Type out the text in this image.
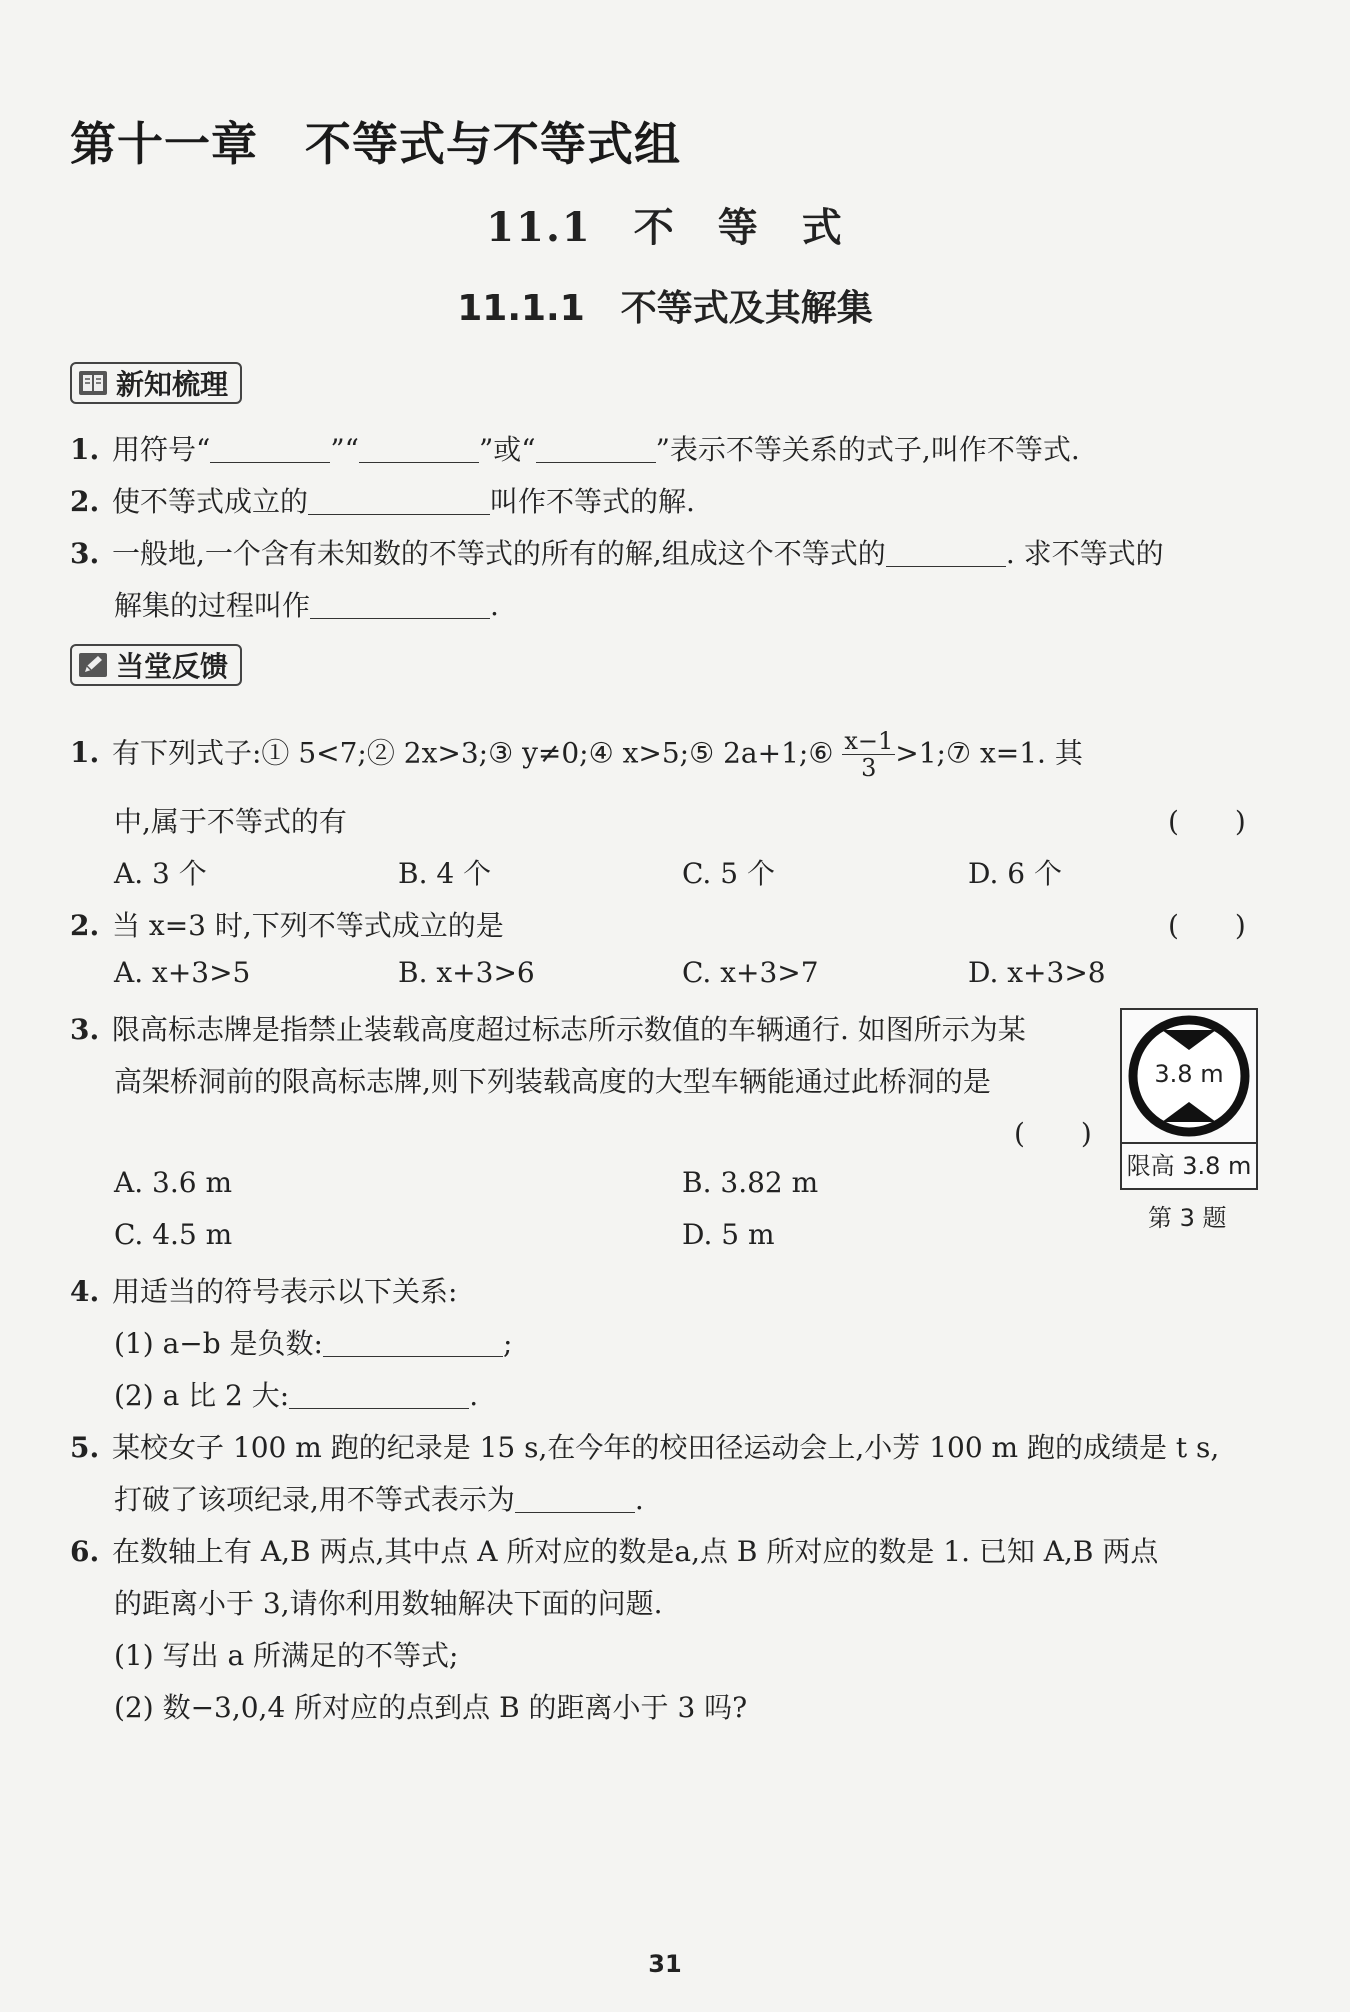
第十一章　不等式与不等式组
11.1　不　等　式
11.1.1　不等式及其解集
新知梳理
1. 用符号“	”“	”或“	”表示不等关系的式子,叫作不等式.
2. 使不等式成立的	叫作不等式的解.
3. 一般地,一个含有未知数的不等式的所有的解,组成这个不等式的	. 求不等式的
解集的过程叫作	.
当堂反馈
1. 有下列式子:① 5<7;② 2x>3;③ y≠0;④ x>5;⑤ 2a+1;⑥ $\frac{x-1}{3}$ >1;⑦ x=1. 其
中,属于不等式的有	(　　)
A. 3 个	B. 4 个	C. 5 个	D. 6 个
2. 当 x=3 时,下列不等式成立的是	(　　)
A. x+3>5	B. x+3>6	C. x+3>7	D. x+3>8
3. 限高标志牌是指禁止装载高度超过标志所示数值的车辆通行. 如图所示为某
高架桥洞前的限高标志牌,则下列装载高度的大型车辆能通过此桥洞的是
(　　)
A. 3.6 m	B. 3.82 m
C. 4.5 m	D. 5 m
3.8 m
限高 3.8 m
第 3 题
4. 用适当的符号表示以下关系:
(1) a−b 是负数:	;
(2) a 比 2 大:	.
5. 某校女子 100 m 跑的纪录是 15 s,在今年的校田径运动会上,小芳 100 m 跑的成绩是 t s,
打破了该项纪录,用不等式表示为	.
6. 在数轴上有 A,B 两点,其中点 A 所对应的数是a,点 B 所对应的数是 1. 已知 A,B 两点
的距离小于 3,请你利用数轴解决下面的问题.
(1) 写出 a 所满足的不等式;
(2) 数−3,0,4 所对应的点到点 B 的距离小于 3 吗?
31
